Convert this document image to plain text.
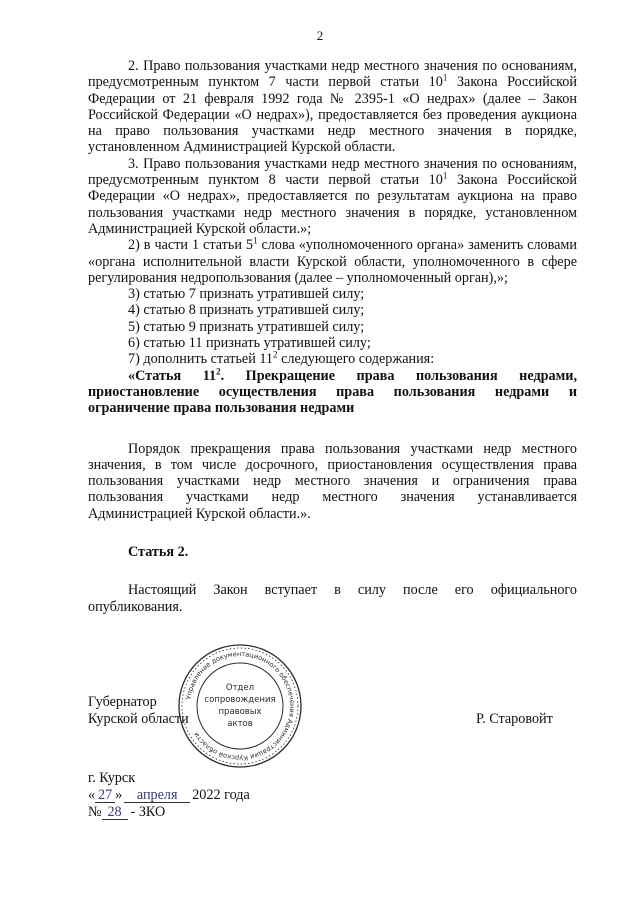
2

2. Право пользования участками недр местного значения по основаниям, предусмотренным пунктом 7 части первой статьи $10^1$ Закона Российской Федерации от 21 февраля 1992 года № 2395-1 «О недрах» (далее – Закон Российской Федерации «О недрах»), предоставляется без проведения аукциона на право пользования участками недр местного значения в порядке, установленном Администрацией Курской области.

3. Право пользования участками недр местного значения по основаниям, предусмотренным пунктом 8 части первой статьи $10^1$ Закона Российской Федерации «О недрах», предоставляется по результатам аукциона на право пользования участками недр местного значения в порядке, установленном Администрацией Курской области.»;

2) в части 1 статьи $5^1$ слова «уполномоченного органа» заменить словами «органа исполнительной власти Курской области, уполномоченного в сфере регулирования недропользования (далее – уполномоченный орган),»;

3) статью 7 признать утратившей силу;

4) статью 8 признать утратившей силу;

5) статью 9 признать утратившей силу;

6) статью 11 признать утратившей силу;

7) дополнить статьей $11^2$ следующего содержания:

«Статья $11^2$. Прекращение права пользования недрами, приостановление осуществления права пользования недрами и ограничение права пользования недрами

Порядок прекращения права пользования участками недр местного значения, в том числе досрочного, приостановления осуществления права пользования участками недр местного значения и ограничения права пользования участками недр местного значения устанавливается Администрацией Курской области.».

Статья 2.

Настоящий Закон вступает в силу после его официального опубликования.

Губернатор
Курской области	Р. Старовойт
Управление документационного обеспечения Администрации Курской области
Отдел
сопровождения
правовых
актов
г. Курск
« 27 » апреля 2022 года
№ 28 - ЗКО
